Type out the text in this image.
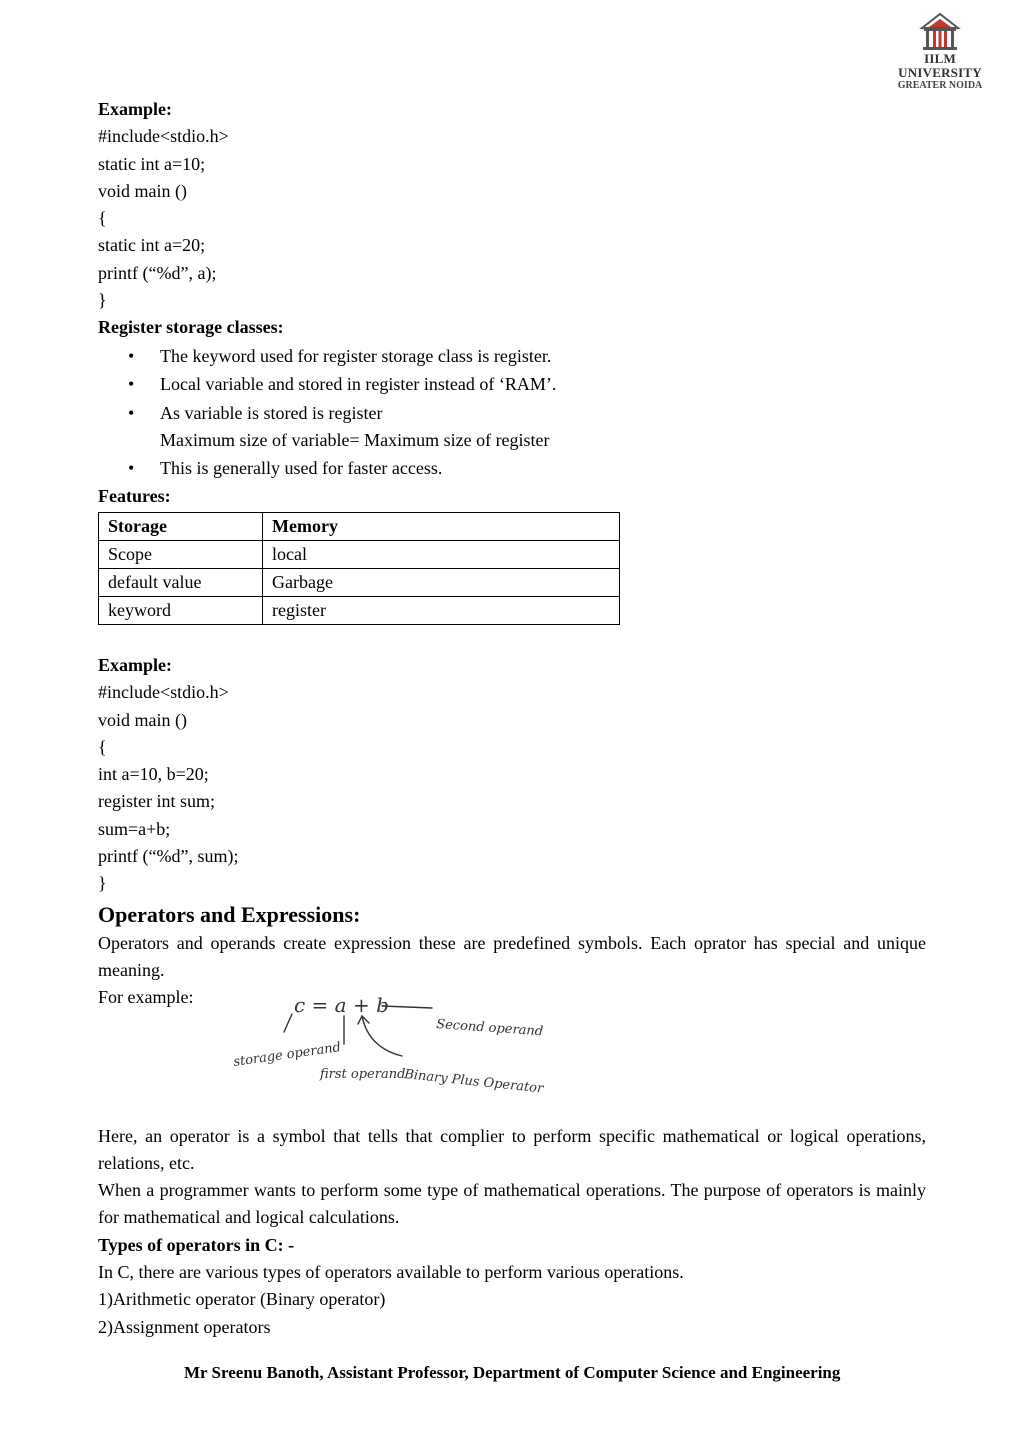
IILM UNIVERSITY
GREATER NOIDA
Example:
#include<stdio.h>
static int a=10;
void main ()
{
static int a=20;
printf (“%d”, a);
}
Register storage classes:
• The keyword used for register storage class is register.
• Local variable and stored in register instead of ‘RAM’.
• As variable is stored is register
Maximum size of variable= Maximum size of register
• This is generally used for faster access.
Features:
Storage	Memory
Scope	local
default value	Garbage
keyword	register
Example:
#include<stdio.h>
void main ()
{
int a=10, b=20;
register int sum;
sum=a+b;
printf (“%d”, sum);
}
Operators and Expressions:
Operators and operands create expression these are predefined symbols. Each oprator has special and unique meaning.
For example:
Here, an operator is a symbol that tells that complier to perform specific mathematical or logical operations, relations, etc.
When a programmer wants to perform some type of mathematical operations. The purpose of operators is mainly for mathematical and logical calculations.
Types of operators in C: -
In C, there are various types of operators available to perform various operations.
1)Arithmetic operator (Binary operator)
2)Assignment operators
c = a + b
storage operand
first operand
Binary Plus Operator
Second operand
Mr Sreenu Banoth, Assistant Professor, Department of Computer Science and Engineering
